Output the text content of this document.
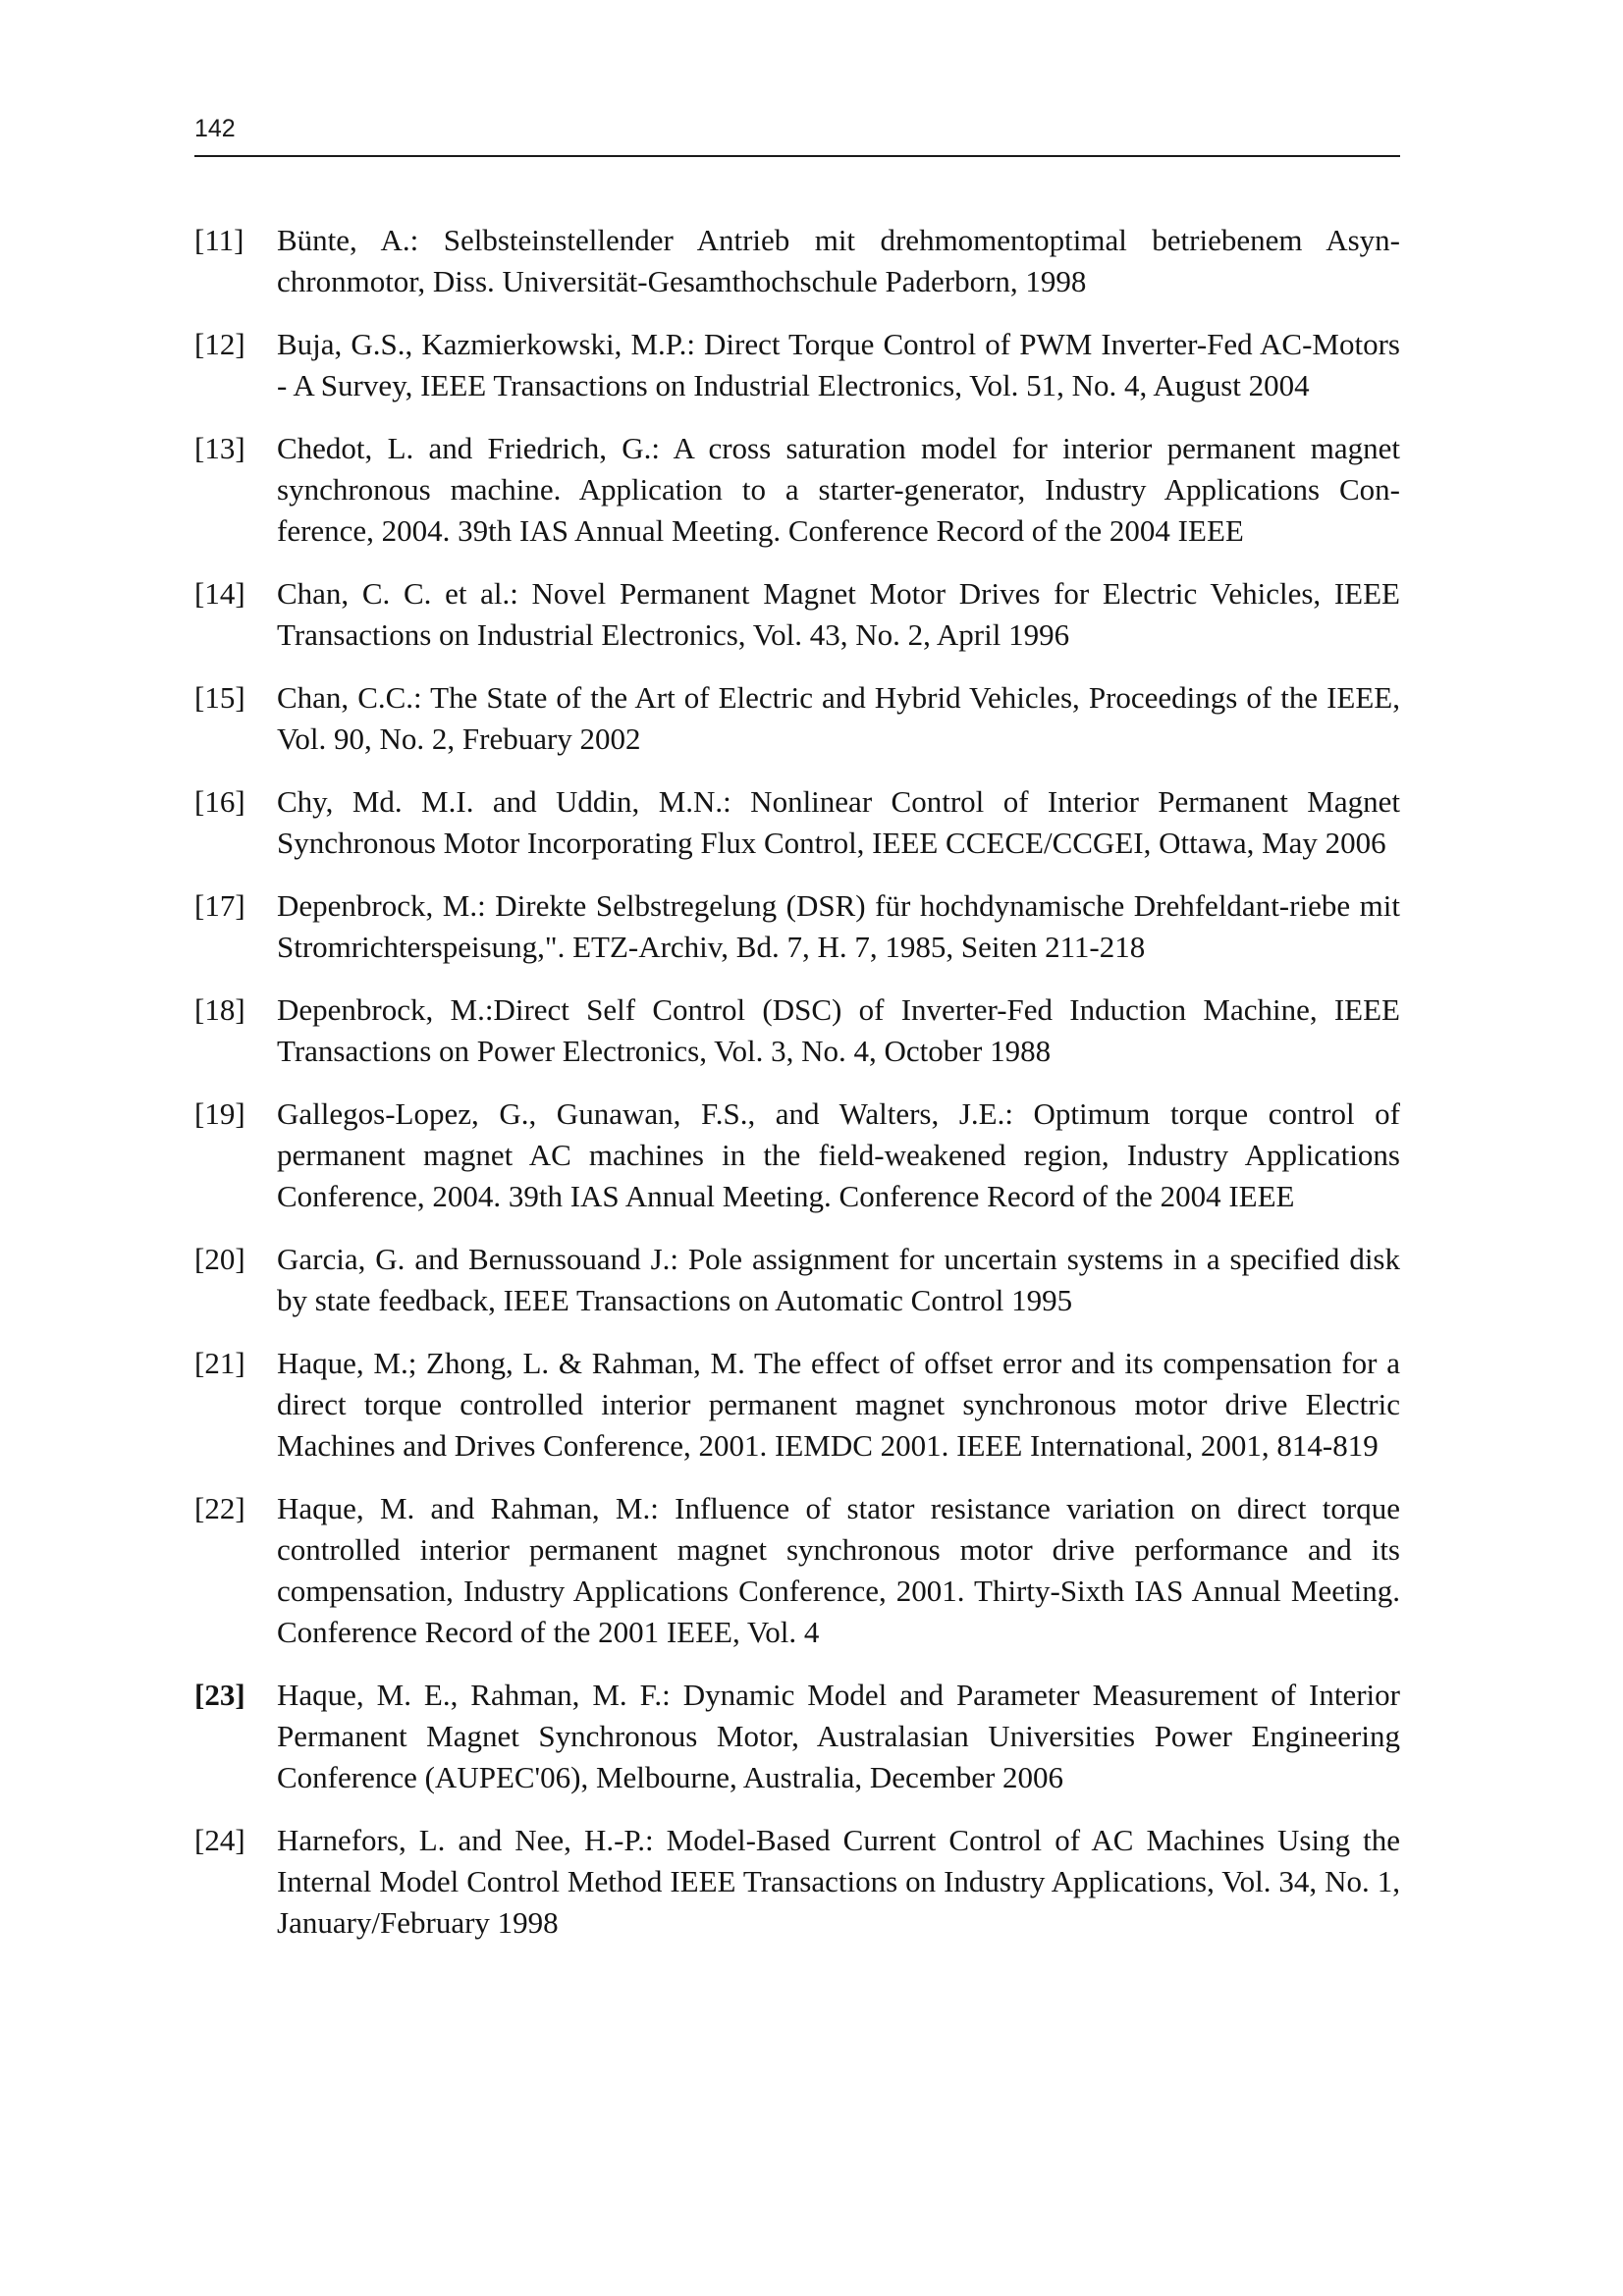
142
[11] Bünte, A.: Selbsteinstellender Antrieb mit drehmomentoptimal betriebenem Asyn-chronmotor, Diss. Universität-Gesamthochschule Paderborn, 1998
[12] Buja, G.S., Kazmierkowski, M.P.: Direct Torque Control of PWM Inverter-Fed AC-Motors - A Survey, IEEE Transactions on Industrial Electronics, Vol. 51, No. 4, August 2004
[13] Chedot, L. and Friedrich, G.: A cross saturation model for interior permanent magnet synchronous machine. Application to a starter-generator, Industry Applications Con-ference, 2004. 39th IAS Annual Meeting. Conference Record of the 2004 IEEE
[14] Chan, C. C. et al.: Novel Permanent Magnet Motor Drives for Electric Vehicles, IEEE Transactions on Industrial Electronics, Vol. 43, No. 2, April 1996
[15] Chan, C.C.: The State of the Art of Electric and Hybrid Vehicles, Proceedings of the IEEE, Vol. 90, No. 2, Frebuary 2002
[16] Chy, Md. M.I. and Uddin, M.N.: Nonlinear Control of Interior Permanent Magnet Synchronous Motor Incorporating Flux Control, IEEE CCECE/CCGEI, Ottawa, May 2006
[17] Depenbrock, M.: Direkte Selbstregelung (DSR) für hochdynamische Drehfeldant-riebe mit Stromrichterspeisung,". ETZ-Archiv, Bd. 7, H. 7, 1985, Seiten 211-218
[18] Depenbrock, M.:Direct Self Control (DSC) of Inverter-Fed Induction Machine, IEEE Transactions on Power Electronics, Vol. 3, No. 4, October 1988
[19] Gallegos-Lopez, G., Gunawan, F.S., and Walters, J.E.: Optimum torque control of permanent magnet AC machines in the field-weakened region, Industry Applications Conference, 2004. 39th IAS Annual Meeting. Conference Record of the 2004 IEEE
[20] Garcia, G. and Bernussouand J.: Pole assignment for uncertain systems in a specified disk by state feedback, IEEE Transactions on Automatic Control 1995
[21] Haque, M.; Zhong, L. & Rahman, M. The effect of offset error and its compensation for a direct torque controlled interior permanent magnet synchronous motor drive Electric Machines and Drives Conference, 2001. IEMDC 2001. IEEE International, 2001, 814-819
[22] Haque, M. and Rahman, M.: Influence of stator resistance variation on direct torque controlled interior permanent magnet synchronous motor drive performance and its compensation, Industry Applications Conference, 2001. Thirty-Sixth IAS Annual Meeting. Conference Record of the 2001 IEEE, Vol. 4
[23] Haque, M. E., Rahman, M. F.: Dynamic Model and Parameter Measurement of Interior Permanent Magnet Synchronous Motor, Australasian Universities Power Engineering Conference (AUPEC'06), Melbourne, Australia, December 2006
[24] Harnefors, L. and Nee, H.-P.: Model-Based Current Control of AC Machines Using the Internal Model Control Method IEEE Transactions on Industry Applications, Vol. 34, No. 1, January/February 1998
